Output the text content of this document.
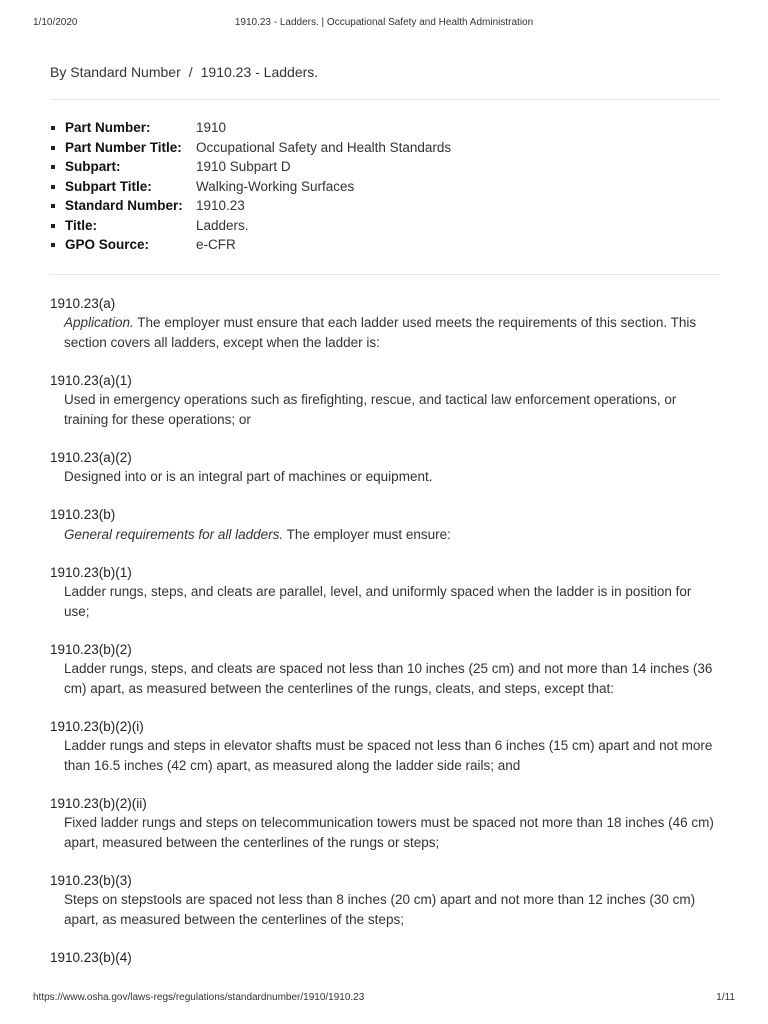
1/10/2020	1910.23 - Ladders. | Occupational Safety and Health Administration
By Standard Number / 1910.23 - Ladders.
Part Number:	1910
Part Number Title: Occupational Safety and Health Standards
Subpart:	1910 Subpart D
Subpart Title:	Walking-Working Surfaces
Standard Number: 1910.23
Title:	Ladders.
GPO Source:	e-CFR
1910.23(a)
Application. The employer must ensure that each ladder used meets the requirements of this section. This section covers all ladders, except when the ladder is:
1910.23(a)(1)
Used in emergency operations such as firefighting, rescue, and tactical law enforcement operations, or training for these operations; or
1910.23(a)(2)
Designed into or is an integral part of machines or equipment.
1910.23(b)
General requirements for all ladders. The employer must ensure:
1910.23(b)(1)
Ladder rungs, steps, and cleats are parallel, level, and uniformly spaced when the ladder is in position for use;
1910.23(b)(2)
Ladder rungs, steps, and cleats are spaced not less than 10 inches (25 cm) and not more than 14 inches (36 cm) apart, as measured between the centerlines of the rungs, cleats, and steps, except that:
1910.23(b)(2)(i)
Ladder rungs and steps in elevator shafts must be spaced not less than 6 inches (15 cm) apart and not more than 16.5 inches (42 cm) apart, as measured along the ladder side rails; and
1910.23(b)(2)(ii)
Fixed ladder rungs and steps on telecommunication towers must be spaced not more than 18 inches (46 cm) apart, measured between the centerlines of the rungs or steps;
1910.23(b)(3)
Steps on stepstools are spaced not less than 8 inches (20 cm) apart and not more than 12 inches (30 cm) apart, as measured between the centerlines of the steps;
1910.23(b)(4)
https://www.osha.gov/laws-regs/regulations/standardnumber/1910/1910.23	1/11
